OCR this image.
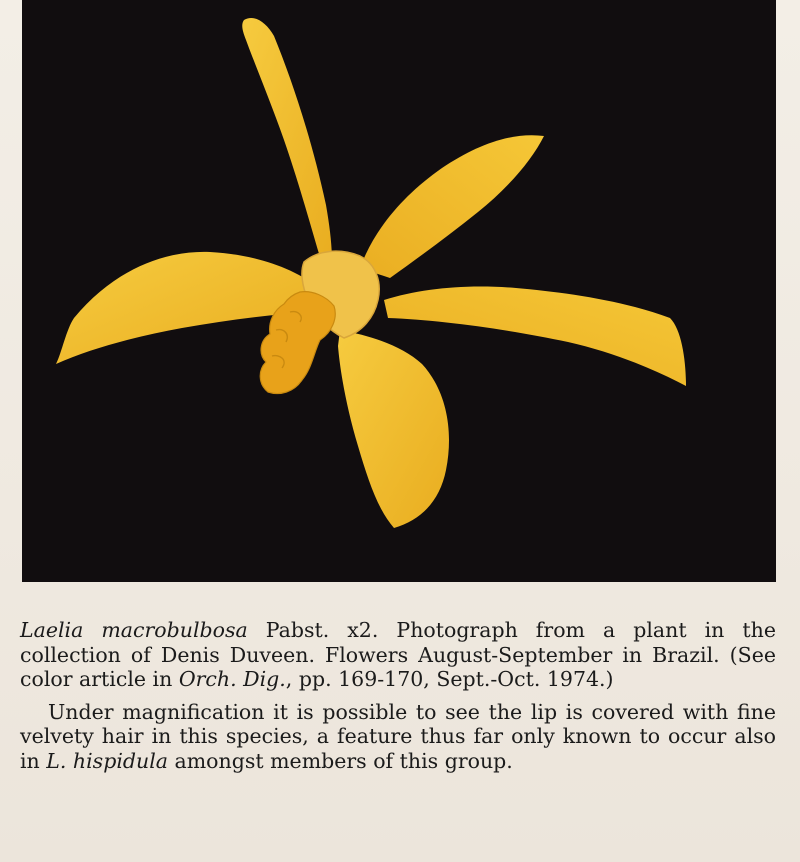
Laelia macrobulbosa Pabst. x2. Photograph from a plant in the collection of Denis Duveen. Flowers August-September in Brazil. (See color article in Orch. Dig., pp. 169-170, Sept.-Oct. 1974.)

Under magnification it is possible to see the lip is covered with fine velvety hair in this species, a feature thus far only known to occur also in L. hispidula amongst members of this group.
